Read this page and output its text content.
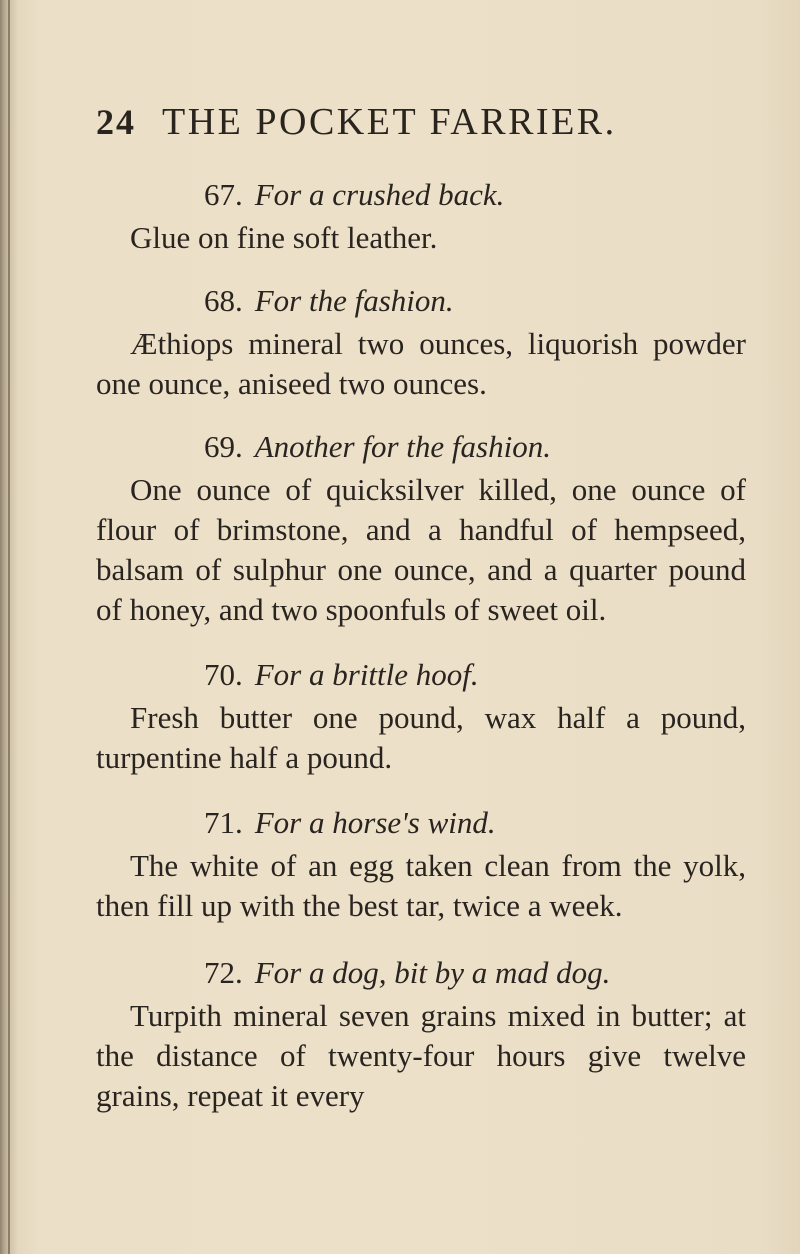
24 THE POCKET FARRIER.
67. For a crushed back.

Glue on fine soft leather.

68. For the fashion.

Æthiops mineral two ounces, liquorish powder one ounce, aniseed two ounces.

69. Another for the fashion.

One ounce of quicksilver killed, one ounce of flour of brimstone, and a handful of hempseed, balsam of sulphur one ounce, and a quarter pound of honey, and two spoonfuls of sweet oil.

70. For a brittle hoof.

Fresh butter one pound, wax half a pound, turpentine half a pound.

71. For a horse's wind.

The white of an egg taken clean from the yolk, then fill up with the best tar, twice a week.

72. For a dog, bit by a mad dog.

Turpith mineral seven grains mixed in butter; at the distance of twenty-four hours give twelve grains, repeat it every
